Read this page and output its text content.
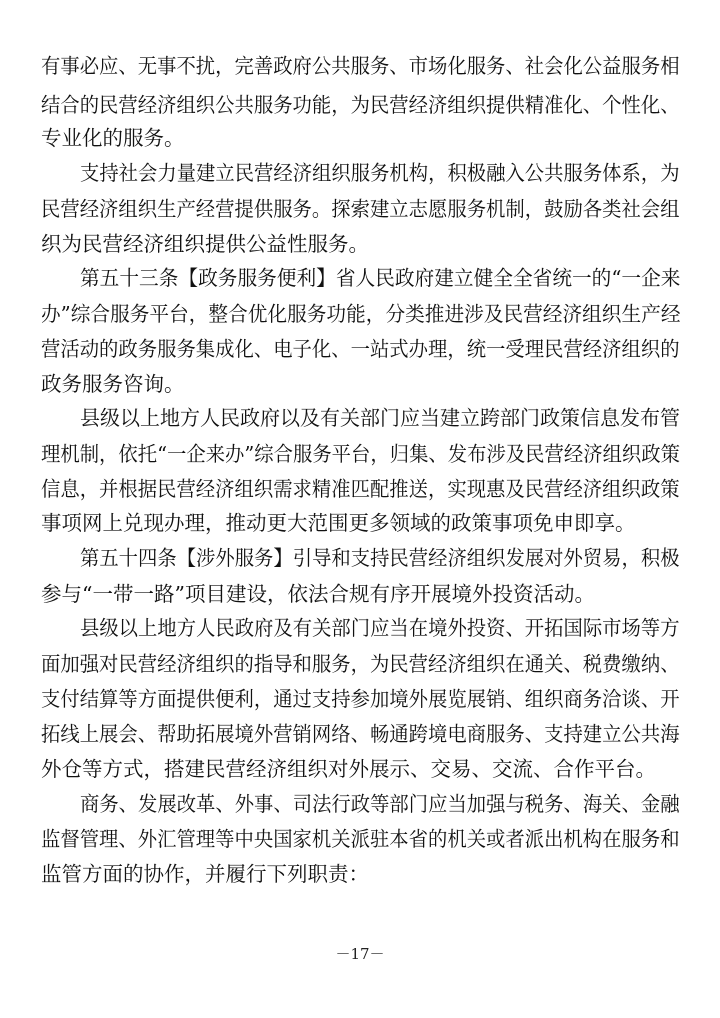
有事必应、无事不扰，完善政府公共服务、市场化服务、社会化公益服务相
结合的民营经济组织公共服务功能，为民营经济组织提供精准化、个性化、
专业化的服务。
支持社会力量建立民营经济组织服务机构，积极融入公共服务体系，为
民营经济组织生产经营提供服务。探索建立志愿服务机制，鼓励各类社会组
织为民营经济组织提供公益性服务。
第五十三条【政务服务便利】省人民政府建立健全全省统一的“一企来
办”综合服务平台，整合优化服务功能，分类推进涉及民营经济组织生产经
营活动的政务服务集成化、电子化、一站式办理，统一受理民营经济组织的
政务服务咨询。
县级以上地方人民政府以及有关部门应当建立跨部门政策信息发布管
理机制，依托“一企来办”综合服务平台，归集、发布涉及民营经济组织政策
信息，并根据民营经济组织需求精准匹配推送，实现惠及民营经济组织政策
事项网上兑现办理，推动更大范围更多领域的政策事项免申即享。
第五十四条【涉外服务】引导和支持民营经济组织发展对外贸易，积极
参与“一带一路”项目建设，依法合规有序开展境外投资活动。
县级以上地方人民政府及有关部门应当在境外投资、开拓国际市场等方
面加强对民营经济组织的指导和服务，为民营经济组织在通关、税费缴纳、
支付结算等方面提供便利，通过支持参加境外展览展销、组织商务洽谈、开
拓线上展会、帮助拓展境外营销网络、畅通跨境电商服务、支持建立公共海
外仓等方式，搭建民营经济组织对外展示、交易、交流、合作平台。
商务、发展改革、外事、司法行政等部门应当加强与税务、海关、金融
监督管理、外汇管理等中央国家机关派驻本省的机关或者派出机构在服务和
监管方面的协作，并履行下列职责：
－17－
